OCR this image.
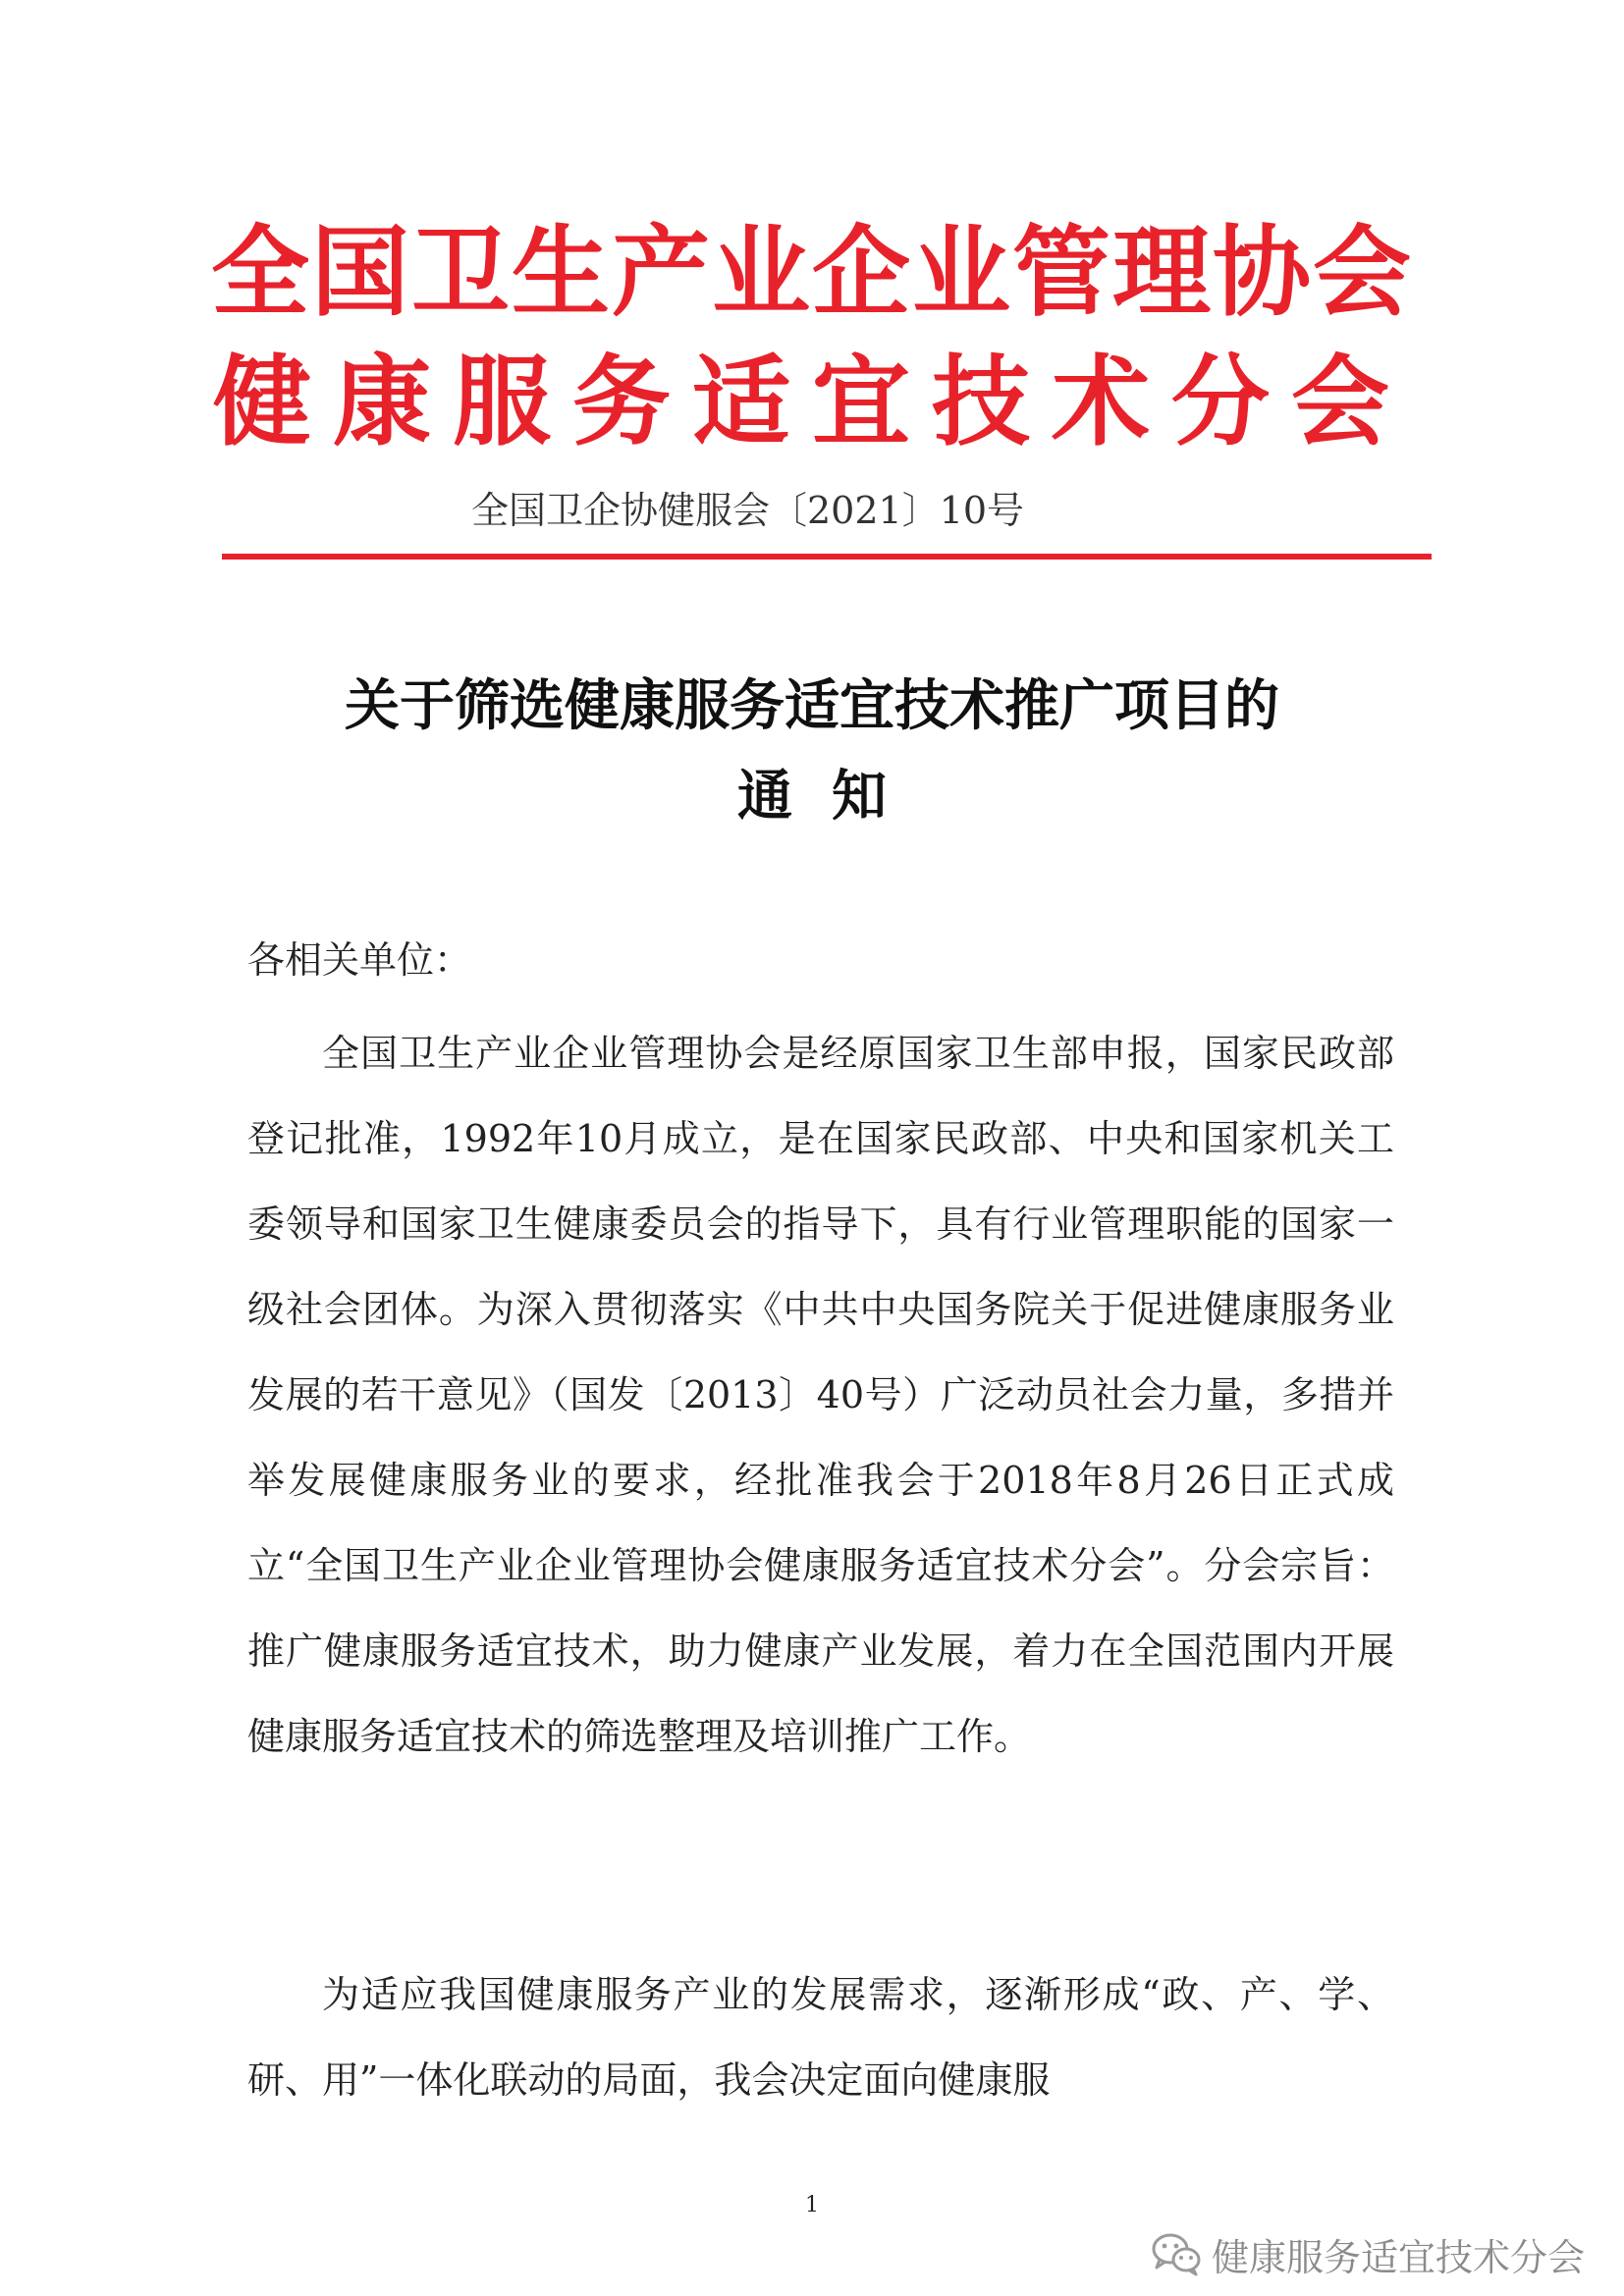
全国卫生产业企业管理协会
健康服务适宜技术分会
全国卫企协健服会〔2021〕10号
关于筛选健康服务适宜技术推广项目的
通知
各相关单位：

全国卫生产业企业管理协会是经原国家卫生部申报，国家民政部登记批准，1992年10月成立，是在国家民政部、中央和国家机关工委领导和国家卫生健康委员会的指导下，具有行业管理职能的国家一级社会团体。为深入贯彻落实《中共中央国务院关于促进健康服务业发展的若干意见》（国发〔2013〕40号）广泛动员社会力量，多措并举发展健康服务业的要求，经批准我会于2018年8月26日正式成立“全国卫生产业企业管理协会健康服务适宜技术分会”。分会宗旨：推广健康服务适宜技术，助力健康产业发展，着力在全国范围内开展健康服务适宜技术的筛选整理及培训推广工作。

为适应我国健康服务产业的发展需求，逐渐形成“政、产、学、研、用”一体化联动的局面，我会决定面向健康服

1
健康服务适宜技术分会
